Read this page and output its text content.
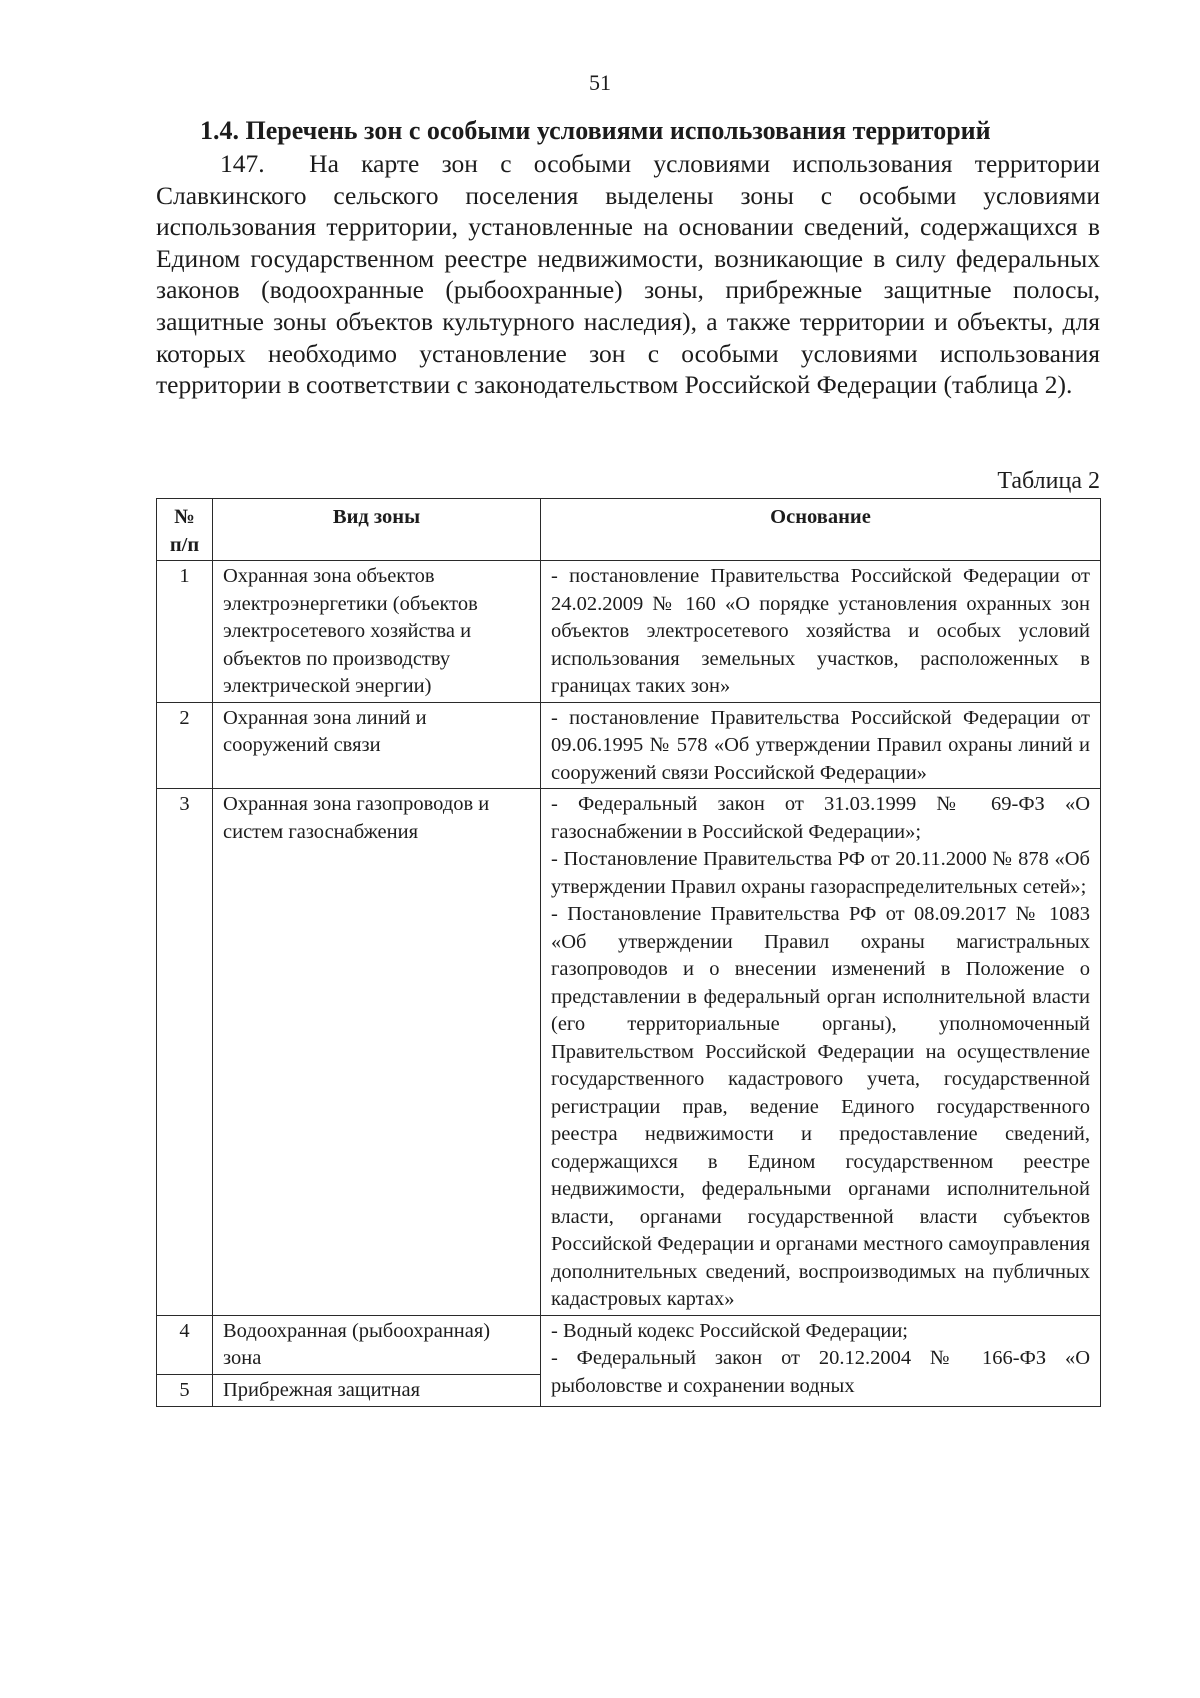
51
1.4. Перечень зон с особыми условиями использования территорий
147. На карте зон с особыми условиями использования территории Славкинского сельского поселения выделены зоны с особыми условиями использования территории, установленные на основании сведений, содержащихся в Едином государственном реестре недвижимости, возникающие в силу федеральных законов (водоохранные (рыбоохранные) зоны, прибрежные защитные полосы, защитные зоны объектов культурного наследия), а также территории и объекты, для которых необходимо установление зон с особыми условиями использования территории в соответствии с законодательством Российской Федерации (таблица 2).
Таблица 2
№ п/п	Вид зоны	Основание
1	Охранная зона объектов электроэнергетики (объектов электросетевого хозяйства и объектов по производству электрической энергии)	- постановление Правительства Российской Федерации от 24.02.2009 № 160 «О порядке установления охранных зон объектов электросетевого хозяйства и особых условий использования земельных участков, расположенных в границах таких зон»

2	Охранная зона линий и сооружений связи	- постановление Правительства Российской Федерации от 09.06.1995 № 578 «Об утверждении Правил охраны линий и сооружений связи Российской Федерации»

3	Охранная зона газопроводов и систем газоснабжения	- Федеральный закон от 31.03.1999 № 69-ФЗ «О газоснабжении в Российской Федерации»;
- Постановление Правительства РФ от 20.11.2000 № 878 «Об утверждении Правил охраны газораспределительных сетей»;
- Постановление Правительства РФ от 08.09.2017 № 1083 «Об утверждении Правил охраны магистральных газопроводов и о внесении изменений в Положение о представлении в федеральный орган исполнительной власти (его территориальные органы), уполномоченный Правительством Российской Федерации на осуществление государственного кадастрового учета, государственной регистрации прав, ведение Единого государственного реестра недвижимости и предоставление сведений, содержащихся в Едином государственном реестре недвижимости, федеральными органами исполнительной власти, органами государственной власти субъектов Российской Федерации и органами местного самоуправления дополнительных сведений, воспроизводимых на публичных кадастровых картах»

4	Водоохранная (рыбоохранная) зона	- Водный кодекс Российской Федерации;
- Федеральный закон от 20.12.2004 № 166-ФЗ «О рыболовстве и сохранении водных

5	Прибрежная защитная	
